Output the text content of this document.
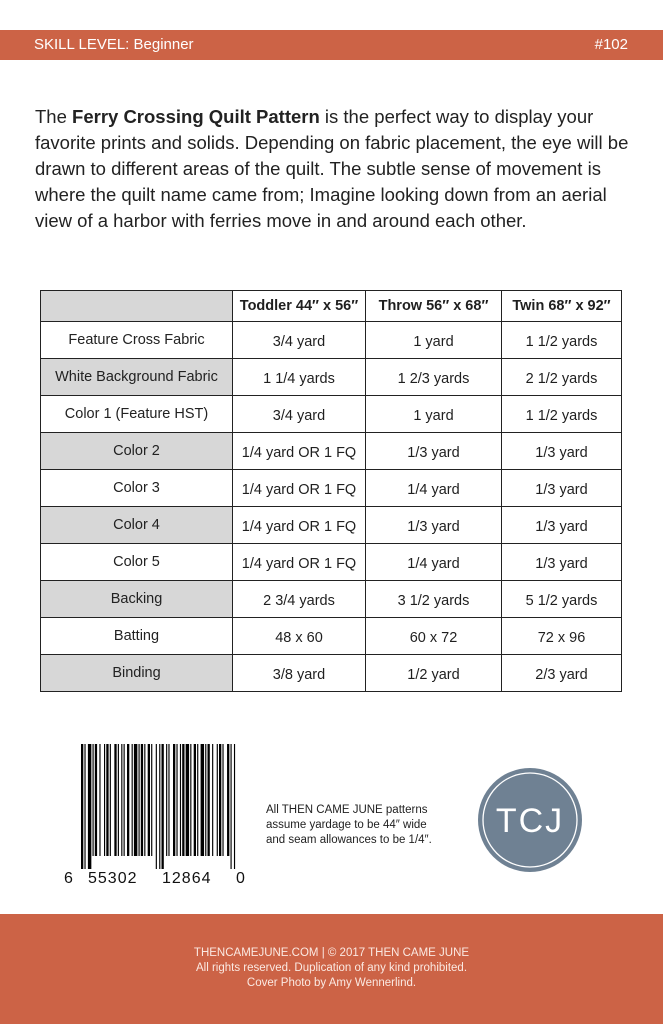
SKILL LEVEL: Beginner	#102

The Ferry Crossing Quilt Pattern is the perfect way to display your favorite prints and solids. Depending on fabric placement, the eye will be drawn to different areas of the quilt. The subtle sense of movement is where the quilt name came from; Imagine looking down from an aerial view of a harbor with ferries move in and around each other.

	Toddler 44″ x 56″	Throw 56″ x 68″	Twin 68″ x 92″
Feature Cross Fabric	3/4 yard	1 yard	1 1/2 yards
White Background Fabric	1 1/4 yards	1 2/3 yards	2 1/2 yards
Color 1 (Feature HST)	3/4 yard	1 yard	1 1/2 yards
Color 2	1/4 yard OR 1 FQ	1/3 yard	1/3 yard
Color 3	1/4 yard OR 1 FQ	1/4 yard	1/3 yard
Color 4	1/4 yard OR 1 FQ	1/3 yard	1/3 yard
Color 5	1/4 yard OR 1 FQ	1/4 yard	1/3 yard
Backing	2 3/4 yards	3 1/2 yards	5 1/2 yards
Batting	48 x 60	60 x 72	72 x 96
Binding	3/8 yard	1/2 yard	2/3 yard
6 55302 12864 0

All THEN CAME JUNE patterns
assume yardage to be 44″ wide
and seam allowances to be 1/4″. TCJ
THENCAMEJUNE.COM | © 2017 THEN CAME JUNE
All rights reserved. Duplication of any kind prohibited.
Cover Photo by Amy Wennerlind.
